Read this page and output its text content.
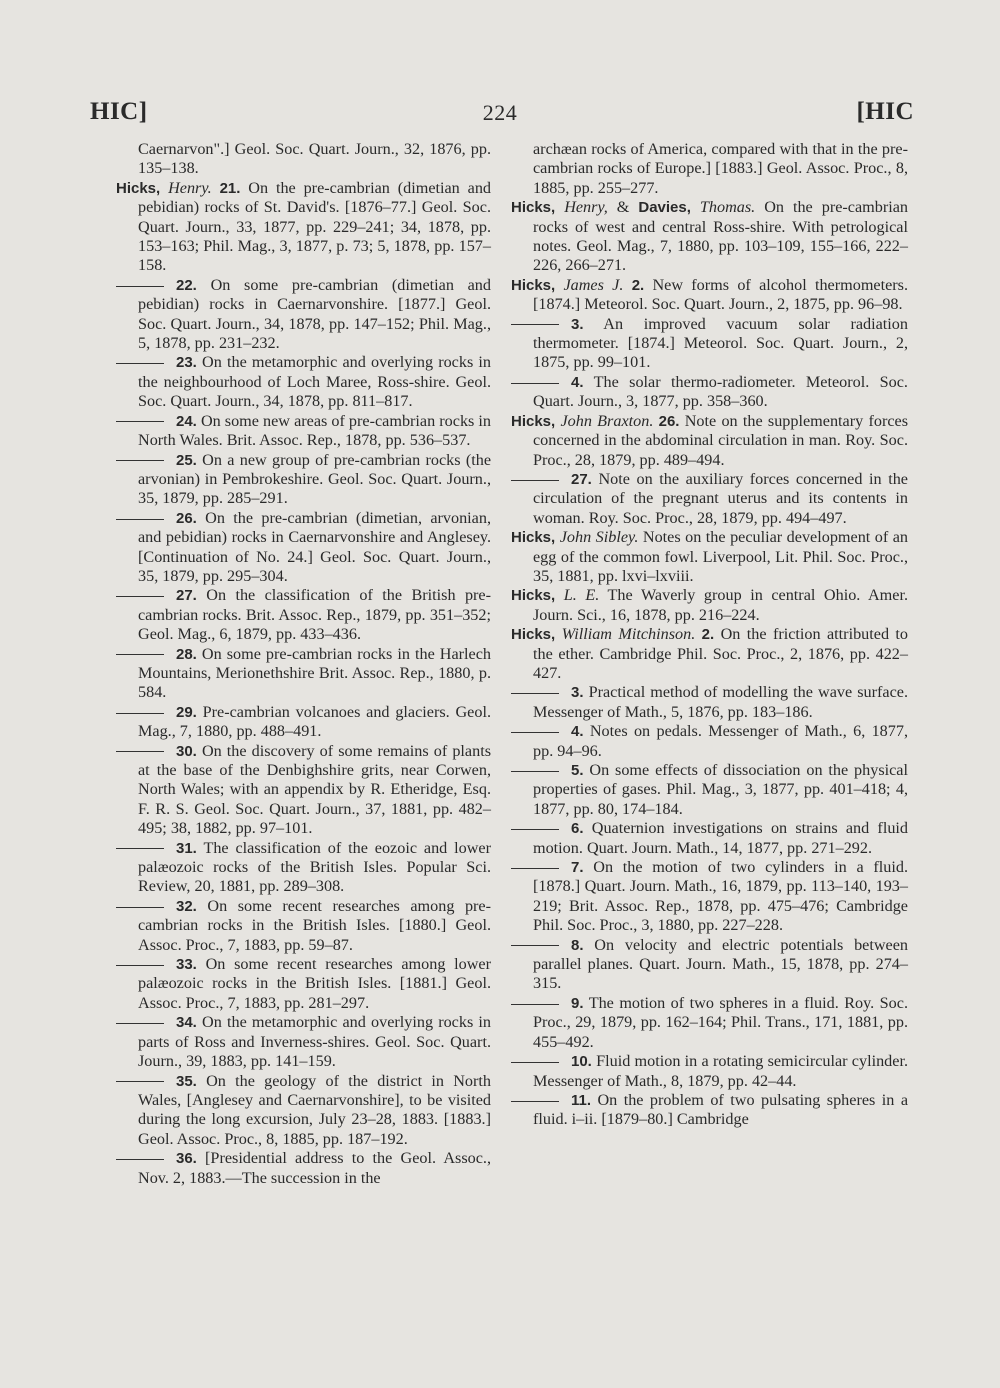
HIC]	224	[HIC

Caernarvon".] Geol. Soc. Quart. Journ., 32, 1876, pp. 135–138.

Hicks, Henry. 21. On the pre-cambrian (dimetian and pebidian) rocks of St. David's. [1876–77.] Geol. Soc. Quart. Journ., 33, 1877, pp. 229–241; 34, 1878, pp. 153–163; Phil. Mag., 3, 1877, p. 73; 5, 1878, pp. 157–158.

22. On some pre-cambrian (dimetian and pebidian) rocks in Caernarvonshire. [1877.] Geol. Soc. Quart. Journ., 34, 1878, pp. 147–152; Phil. Mag., 5, 1878, pp. 231–232.

23. On the metamorphic and overlying rocks in the neighbourhood of Loch Maree, Ross-shire. Geol. Soc. Quart. Journ., 34, 1878, pp. 811–817.

24. On some new areas of pre-cambrian rocks in North Wales. Brit. Assoc. Rep., 1878, pp. 536–537.

25. On a new group of pre-cambrian rocks (the arvonian) in Pembrokeshire. Geol. Soc. Quart. Journ., 35, 1879, pp. 285–291.

26. On the pre-cambrian (dimetian, arvonian, and pebidian) rocks in Caernarvonshire and Anglesey. [Continuation of No. 24.] Geol. Soc. Quart. Journ., 35, 1879, pp. 295–304.

27. On the classification of the British pre-cambrian rocks. Brit. Assoc. Rep., 1879, pp. 351–352; Geol. Mag., 6, 1879, pp. 433–436.

28. On some pre-cambrian rocks in the Harlech Mountains, Merionethshire Brit. Assoc. Rep., 1880, p. 584.

29. Pre-cambrian volcanoes and glaciers. Geol. Mag., 7, 1880, pp. 488–491.

30. On the discovery of some remains of plants at the base of the Denbighshire grits, near Corwen, North Wales; with an appendix by R. Etheridge, Esq. F. R. S. Geol. Soc. Quart. Journ., 37, 1881, pp. 482–495; 38, 1882, pp. 97–101.

31. The classification of the eozoic and lower palæozoic rocks of the British Isles. Popular Sci. Review, 20, 1881, pp. 289–308.

32. On some recent researches among pre-cambrian rocks in the British Isles. [1880.] Geol. Assoc. Proc., 7, 1883, pp. 59–87.

33. On some recent researches among lower palæozoic rocks in the British Isles. [1881.] Geol. Assoc. Proc., 7, 1883, pp. 281–297.

34. On the metamorphic and overlying rocks in parts of Ross and Inverness-shires. Geol. Soc. Quart. Journ., 39, 1883, pp. 141–159.

35. On the geology of the district in North Wales, [Anglesey and Caernarvonshire], to be visited during the long excursion, July 23–28, 1883. [1883.] Geol. Assoc. Proc., 8, 1885, pp. 187–192.

36. [Presidential address to the Geol. Assoc., Nov. 2, 1883.—The succession in the

archæan rocks of America, compared with that in the pre-cambrian rocks of Europe.] [1883.] Geol. Assoc. Proc., 8, 1885, pp. 255–277.

Hicks, Henry, & Davies, Thomas. On the pre-cambrian rocks of west and central Ross-shire. With petrological notes. Geol. Mag., 7, 1880, pp. 103–109, 155–166, 222–226, 266–271.

Hicks, James J. 2. New forms of alcohol thermometers. [1874.] Meteorol. Soc. Quart. Journ., 2, 1875, pp. 96–98.

3. An improved vacuum solar radiation thermometer. [1874.] Meteorol. Soc. Quart. Journ., 2, 1875, pp. 99–101.

4. The solar thermo-radiometer. Meteorol. Soc. Quart. Journ., 3, 1877, pp. 358–360.

Hicks, John Braxton. 26. Note on the supplementary forces concerned in the abdominal circulation in man. Roy. Soc. Proc., 28, 1879, pp. 489–494.

27. Note on the auxiliary forces concerned in the circulation of the pregnant uterus and its contents in woman. Roy. Soc. Proc., 28, 1879, pp. 494–497.

Hicks, John Sibley. Notes on the peculiar development of an egg of the common fowl. Liverpool, Lit. Phil. Soc. Proc., 35, 1881, pp. lxvi–lxviii.

Hicks, L. E. The Waverly group in central Ohio. Amer. Journ. Sci., 16, 1878, pp. 216–224.

Hicks, William Mitchinson. 2. On the friction attributed to the ether. Cambridge Phil. Soc. Proc., 2, 1876, pp. 422–427.

3. Practical method of modelling the wave surface. Messenger of Math., 5, 1876, pp. 183–186.

4. Notes on pedals. Messenger of Math., 6, 1877, pp. 94–96.

5. On some effects of dissociation on the physical properties of gases. Phil. Mag., 3, 1877, pp. 401–418; 4, 1877, pp. 80, 174–184.

6. Quaternion investigations on strains and fluid motion. Quart. Journ. Math., 14, 1877, pp. 271–292.

7. On the motion of two cylinders in a fluid. [1878.] Quart. Journ. Math., 16, 1879, pp. 113–140, 193–219; Brit. Assoc. Rep., 1878, pp. 475–476; Cambridge Phil. Soc. Proc., 3, 1880, pp. 227–228.

8. On velocity and electric potentials between parallel planes. Quart. Journ. Math., 15, 1878, pp. 274–315.

9. The motion of two spheres in a fluid. Roy. Soc. Proc., 29, 1879, pp. 162–164; Phil. Trans., 171, 1881, pp. 455–492.

10. Fluid motion in a rotating semicircular cylinder. Messenger of Math., 8, 1879, pp. 42–44.

11. On the problem of two pulsating spheres in a fluid. i–ii. [1879–80.] Cambridge
